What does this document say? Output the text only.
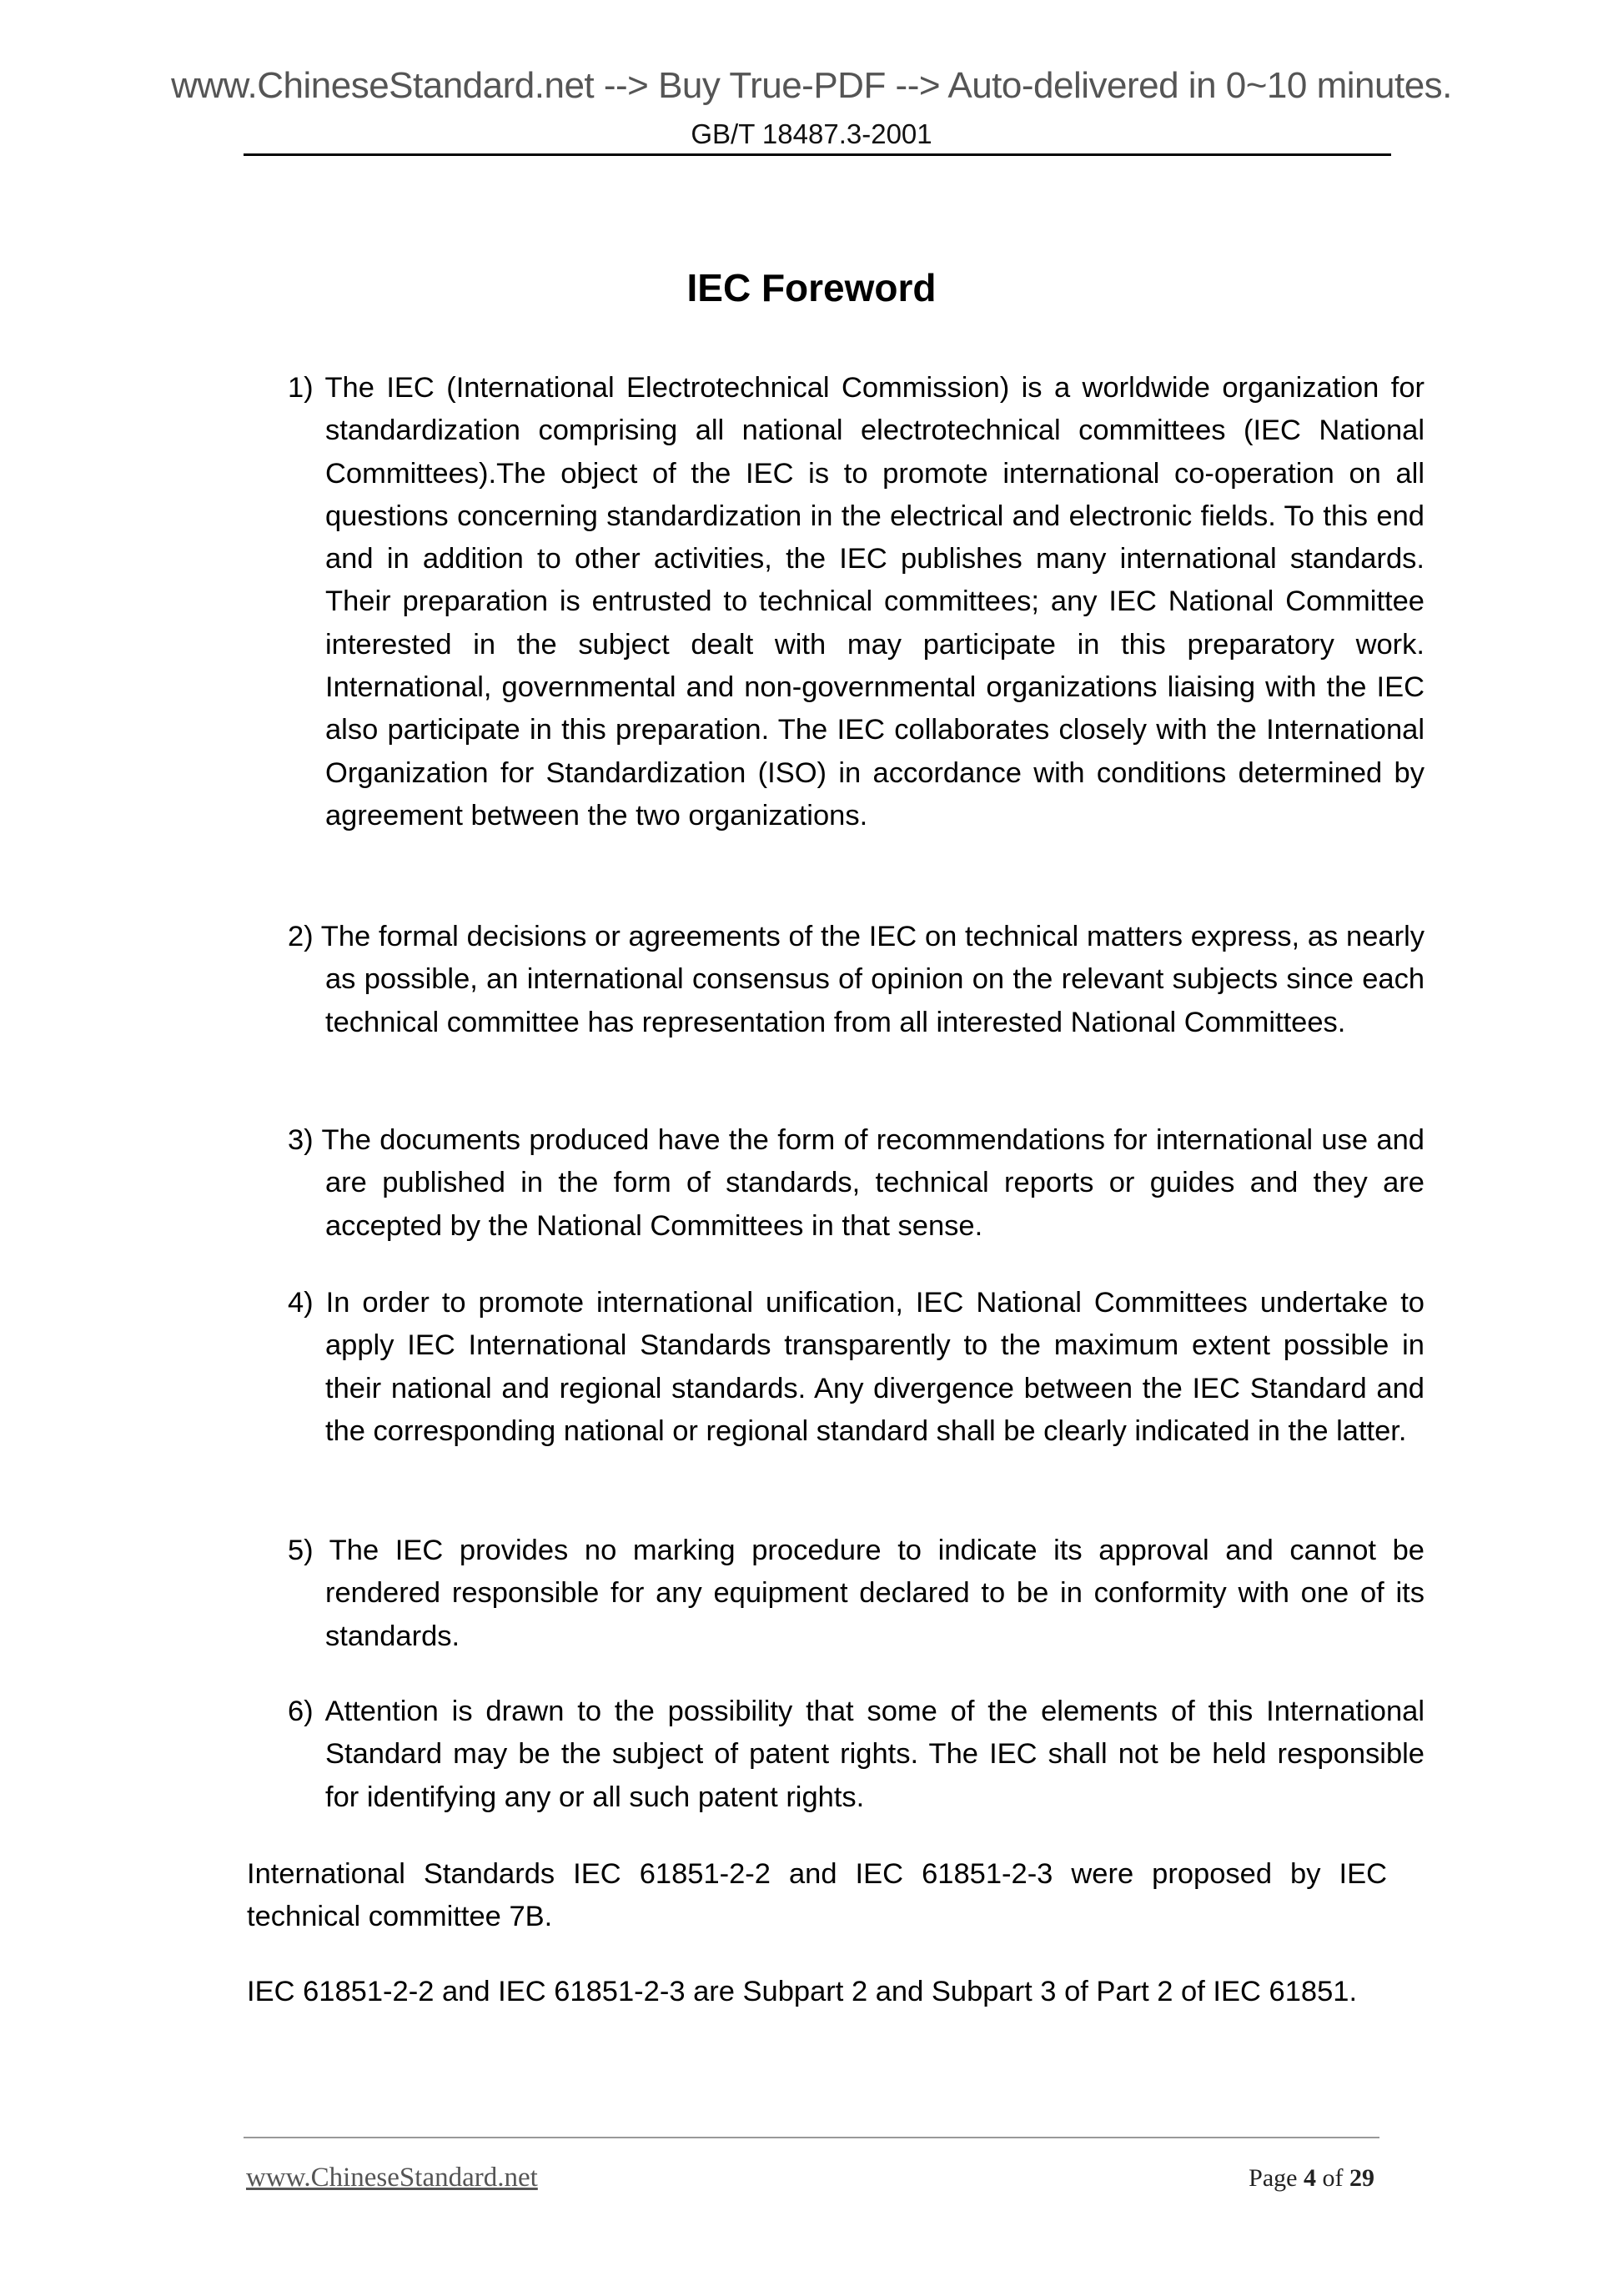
www.ChineseStandard.net --> Buy True-PDF --> Auto-delivered in 0~10 minutes.
GB/T 18487.3-2001
IEC Foreword
1) The IEC (International Electrotechnical Commission) is a worldwide organization for standardization comprising all national electrotechnical committees (IEC National Committees).The object of the IEC is to promote international co-operation on all questions concerning standardization in the electrical and electronic fields. To this end and in addition to other activities, the IEC publishes many international standards. Their preparation is entrusted to technical committees; any IEC National Committee interested in the subject dealt with may participate in this preparatory work. International, governmental and non-governmental organizations liaising with the IEC also participate in this preparation. The IEC collaborates closely with the International Organization for Standardization (ISO) in accordance with conditions determined by agreement between the two organizations.
2) The formal decisions or agreements of the IEC on technical matters express, as nearly as possible, an international consensus of opinion on the relevant subjects since each technical committee has representation from all interested National Committees.
3) The documents produced have the form of recommendations for international use and are published in the form of standards, technical reports or guides and they are accepted by the National Committees in that sense.
4) In order to promote international unification, IEC National Committees undertake to apply IEC International Standards transparently to the maximum extent possible in their national and regional standards. Any divergence between the IEC Standard and the corresponding national or regional standard shall be clearly indicated in the latter.
5) The IEC provides no marking procedure to indicate its approval and cannot be rendered responsible for any equipment declared to be in conformity with one of its standards.
6) Attention is drawn to the possibility that some of the elements of this International Standard may be the subject of patent rights. The IEC shall not be held responsible for identifying any or all such patent rights.
International Standards IEC 61851-2-2 and IEC 61851-2-3 were proposed by IEC technical committee 7B.
IEC 61851-2-2 and IEC 61851-2-3 are Subpart 2 and Subpart 3 of Part 2 of IEC 61851.
www.ChineseStandard.net	Page 4 of 29
